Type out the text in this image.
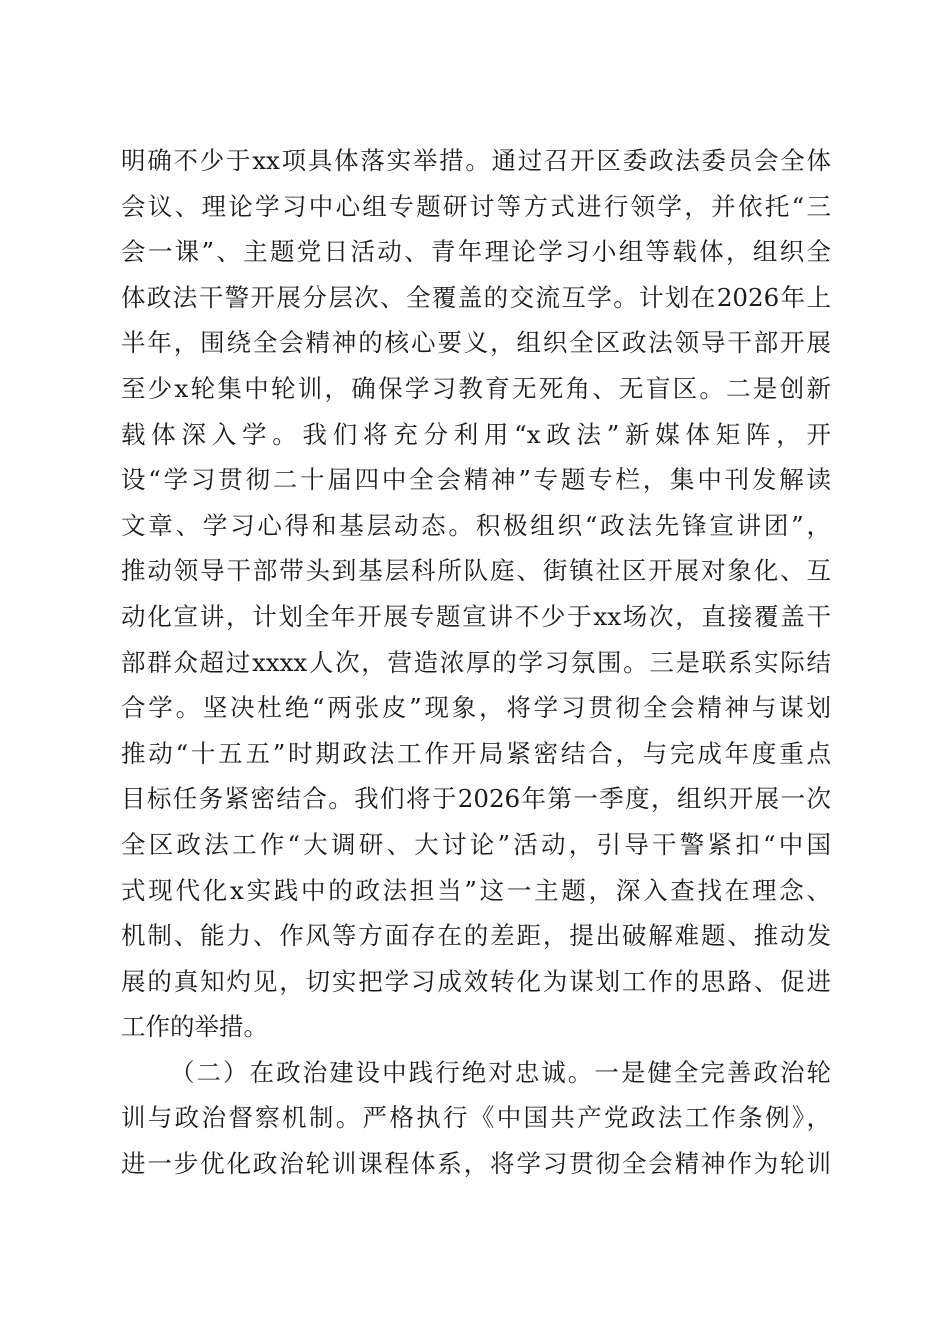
明确不少于xx项具体落实举措。通过召开区委政法委员会全体
会议、理论学习中心组专题研讨等方式进行领学，并依托“三
会一课”、主题党日活动、青年理论学习小组等载体，组织全
体政法干警开展分层次、全覆盖的交流互学。计划在2026年上
半年，围绕全会精神的核心要义，组织全区政法领导干部开展
至少x轮集中轮训，确保学习教育无死角、无盲区。二是创新
载体深入学。我们将充分利用“x政法”新媒体矩阵，开
设“学习贯彻二十届四中全会精神”专题专栏，集中刊发解读
文章、学习心得和基层动态。积极组织“政法先锋宣讲团”，
推动领导干部带头到基层科所队庭、街镇社区开展对象化、互
动化宣讲，计划全年开展专题宣讲不少于xx场次，直接覆盖干
部群众超过xxxx人次，营造浓厚的学习氛围。三是联系实际结
合学。坚决杜绝“两张皮”现象，将学习贯彻全会精神与谋划
推动“十五五”时期政法工作开局紧密结合，与完成年度重点
目标任务紧密结合。我们将于2026年第一季度，组织开展一次
全区政法工作“大调研、大讨论”活动，引导干警紧扣“中国
式现代化x实践中的政法担当”这一主题，深入查找在理念、
机制、能力、作风等方面存在的差距，提出破解难题、推动发
展的真知灼见，切实把学习成效转化为谋划工作的思路、促进
工作的举措。
（二）在政治建设中践行绝对忠诚。一是健全完善政治轮
训与政治督察机制。严格执行《中国共产党政法工作条例》，
进一步优化政治轮训课程体系，将学习贯彻全会精神作为轮训
